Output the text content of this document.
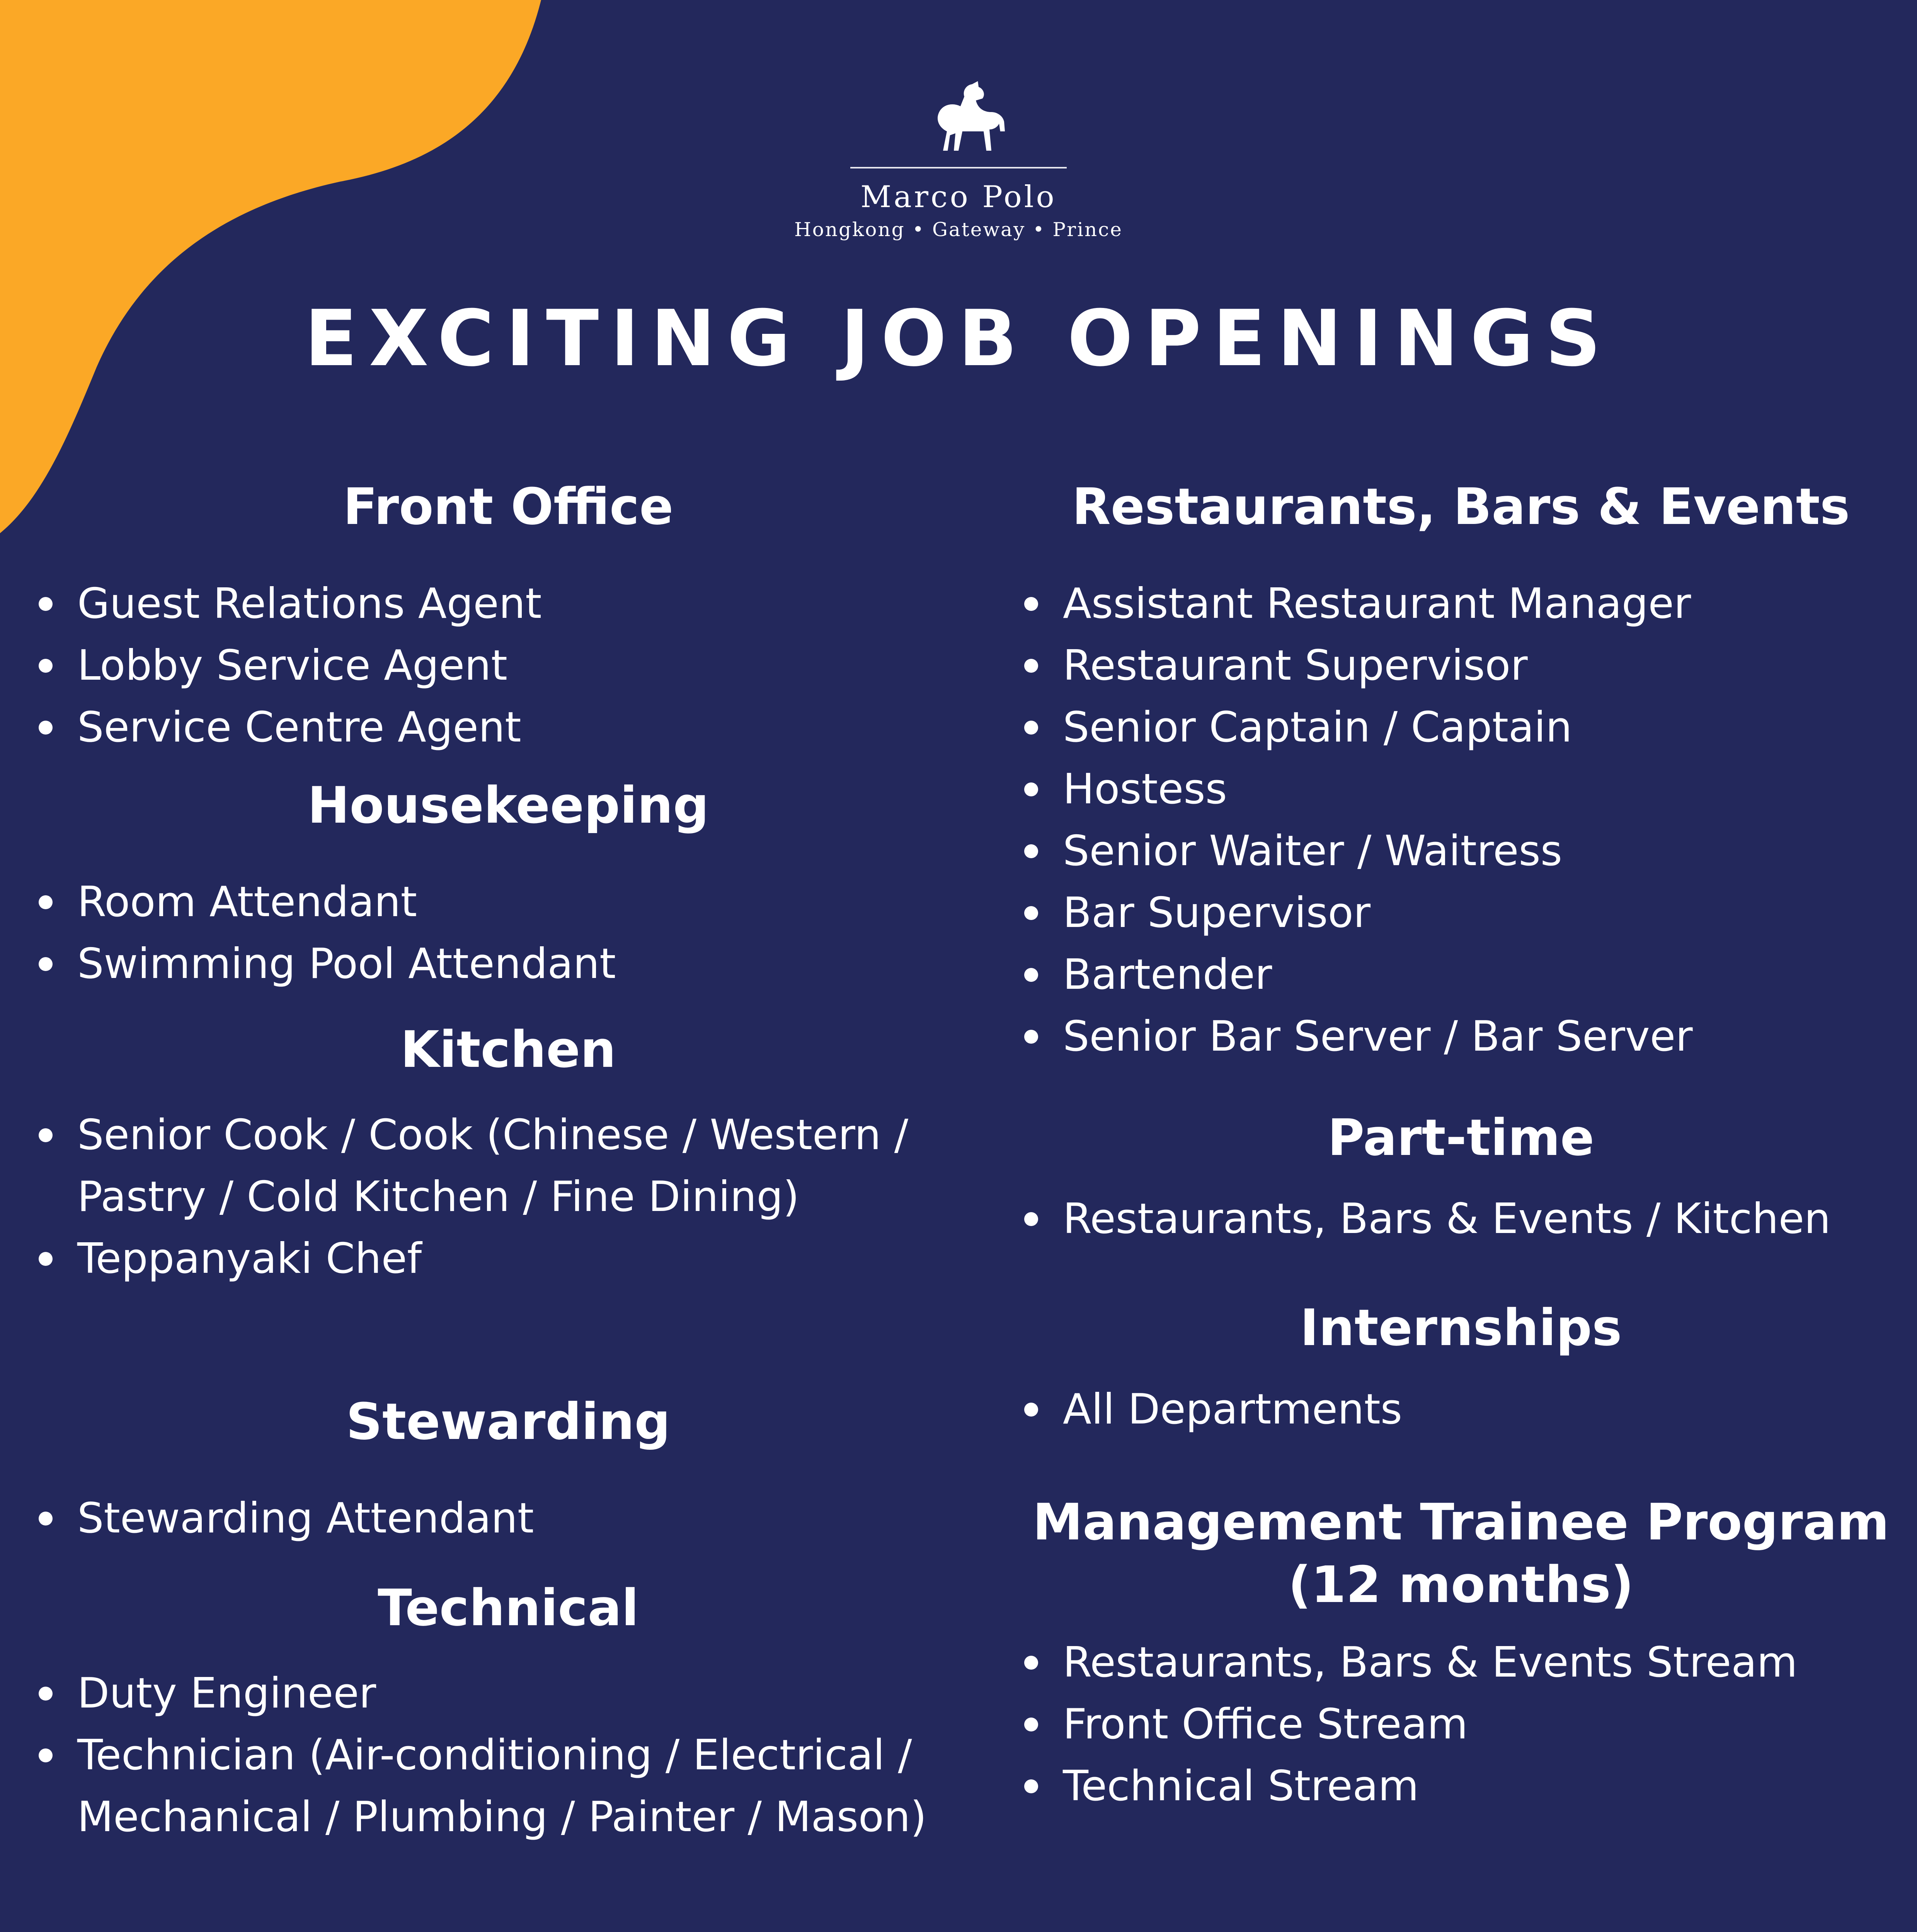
Marco Polo
Hongkong • Gateway • Prince
EXCITING JOB OPENINGS
Front Office
Guest Relations Agent
Lobby Service Agent
Service Centre Agent
Housekeeping
Room Attendant
Swimming Pool Attendant
Kitchen
Senior Cook / Cook (Chinese / Western / Pastry / Cold Kitchen / Fine Dining)
Teppanyaki Chef
Stewarding
Stewarding Attendant
Technical
Duty Engineer
Technician (Air-conditioning / Electrical / Mechanical / Plumbing / Painter / Mason)
Restaurants, Bars & Events
Assistant Restaurant Manager
Restaurant Supervisor
Senior Captain / Captain
Hostess
Senior Waiter / Waitress
Bar Supervisor
Bartender
Senior Bar Server / Bar Server
Part-time
Restaurants, Bars & Events / Kitchen
Internships
All Departments
Management Trainee Program (12 months)
Restaurants, Bars & Events Stream
Front Office Stream
Technical Stream
